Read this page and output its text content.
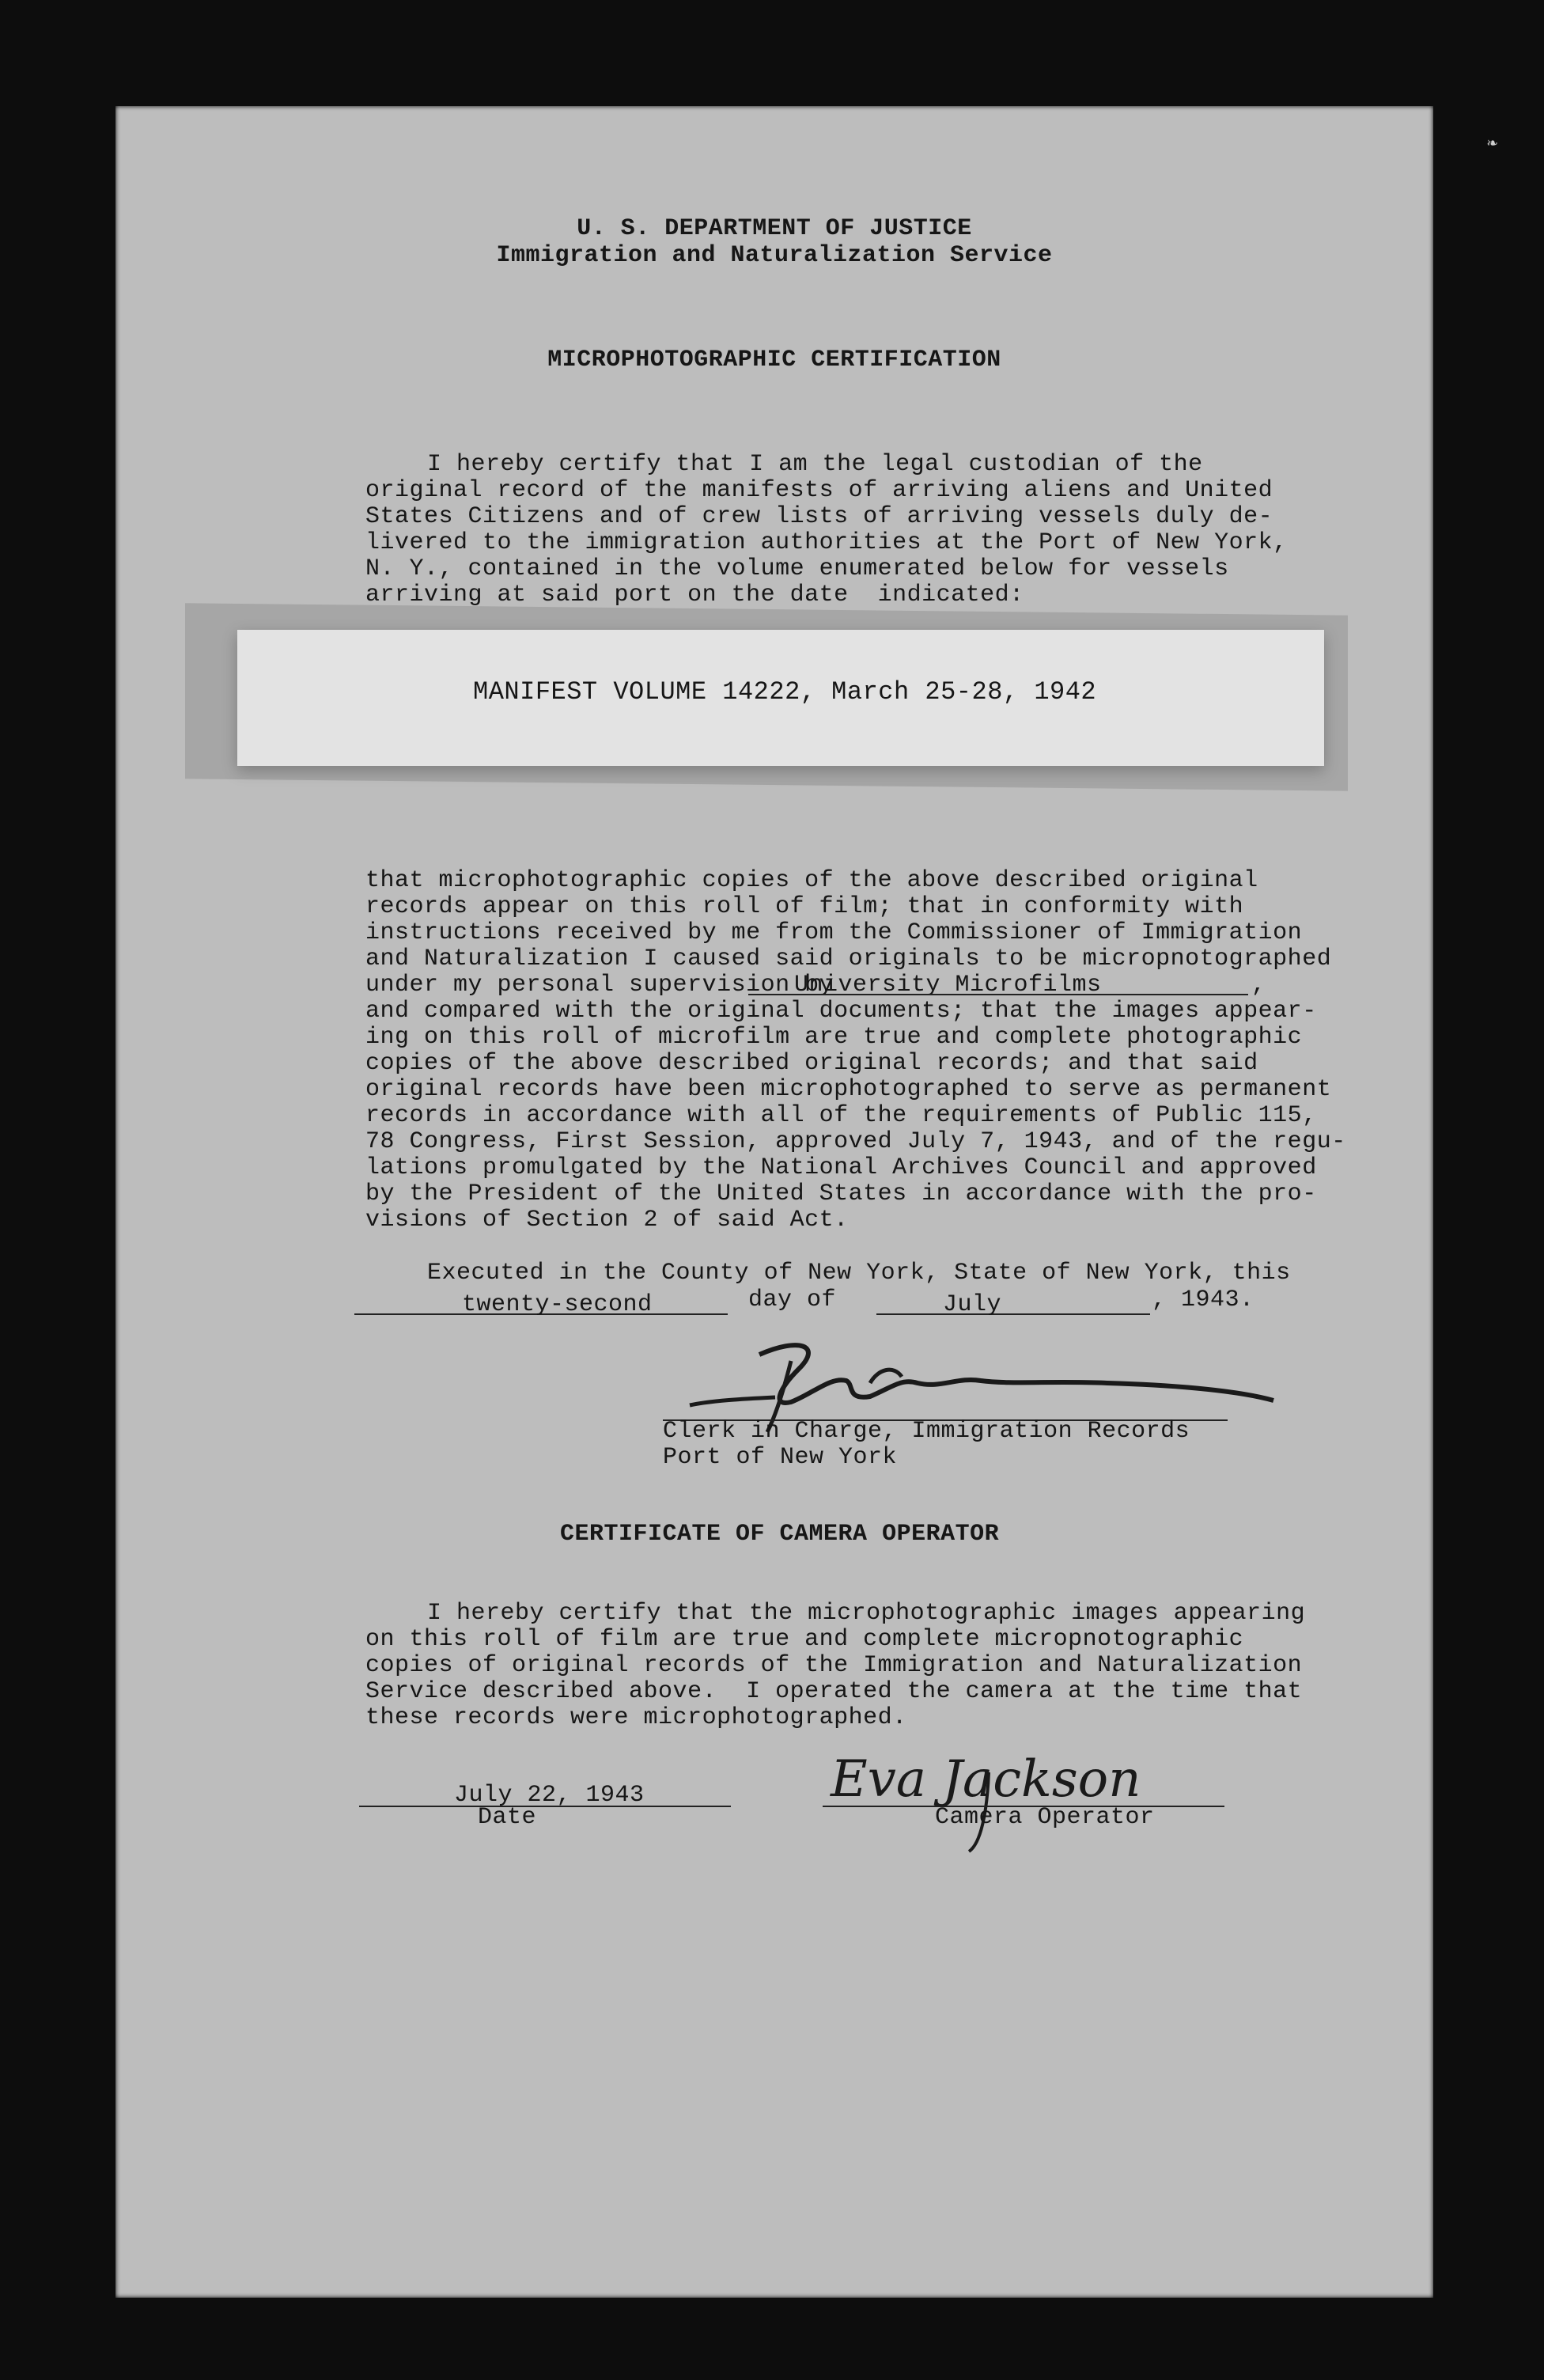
❧
U. S. DEPARTMENT OF JUSTICE
Immigration and Naturalization Service
MICROPHOTOGRAPHIC CERTIFICATION
I hereby certify that I am the legal custodian of the
original record of the manifests of arriving aliens and United
States Citizens and of crew lists of arriving vessels duly de-
livered to the immigration authorities at the Port of New York,
N. Y., contained in the volume enumerated below for vessels
arriving at said port on the date  indicated:
MANIFEST VOLUME 14222, March 25-28, 1942
that microphotographic copies of the above described original
records appear on this roll of film; that in conformity with
instructions received by me from the Commissioner of Immigration
and Naturalization I caused said originals to be micropnotographed
under my personal supervision by
University Microfilms	,
and compared with the original documents; that the images appear-
ing on this roll of microfilm are true and complete photographic
copies of the above described original records; and that said
original records have been microphotographed to serve as permanent
records in accordance with all of the requirements of Public 115,
78 Congress, First Session, approved July 7, 1943, and of the regu-
lations promulgated by the National Archives Council and approved
by the President of the United States in accordance with the pro-
visions of Section 2 of said Act.
Executed in the County of New York, State of New York, this
twenty-second	day of	July	, 1943.
Clerk in Charge, Immigration Records
Port of New York
CERTIFICATE OF CAMERA OPERATOR
I hereby certify that the microphotographic images appearing
on this roll of film are true and complete micropnotographic
copies of original records of the Immigration and Naturalization
Service described above.  I operated the camera at the time that
these records were microphotographed.
July 22, 1943
Date
Eva Jackson
Camera Operator
